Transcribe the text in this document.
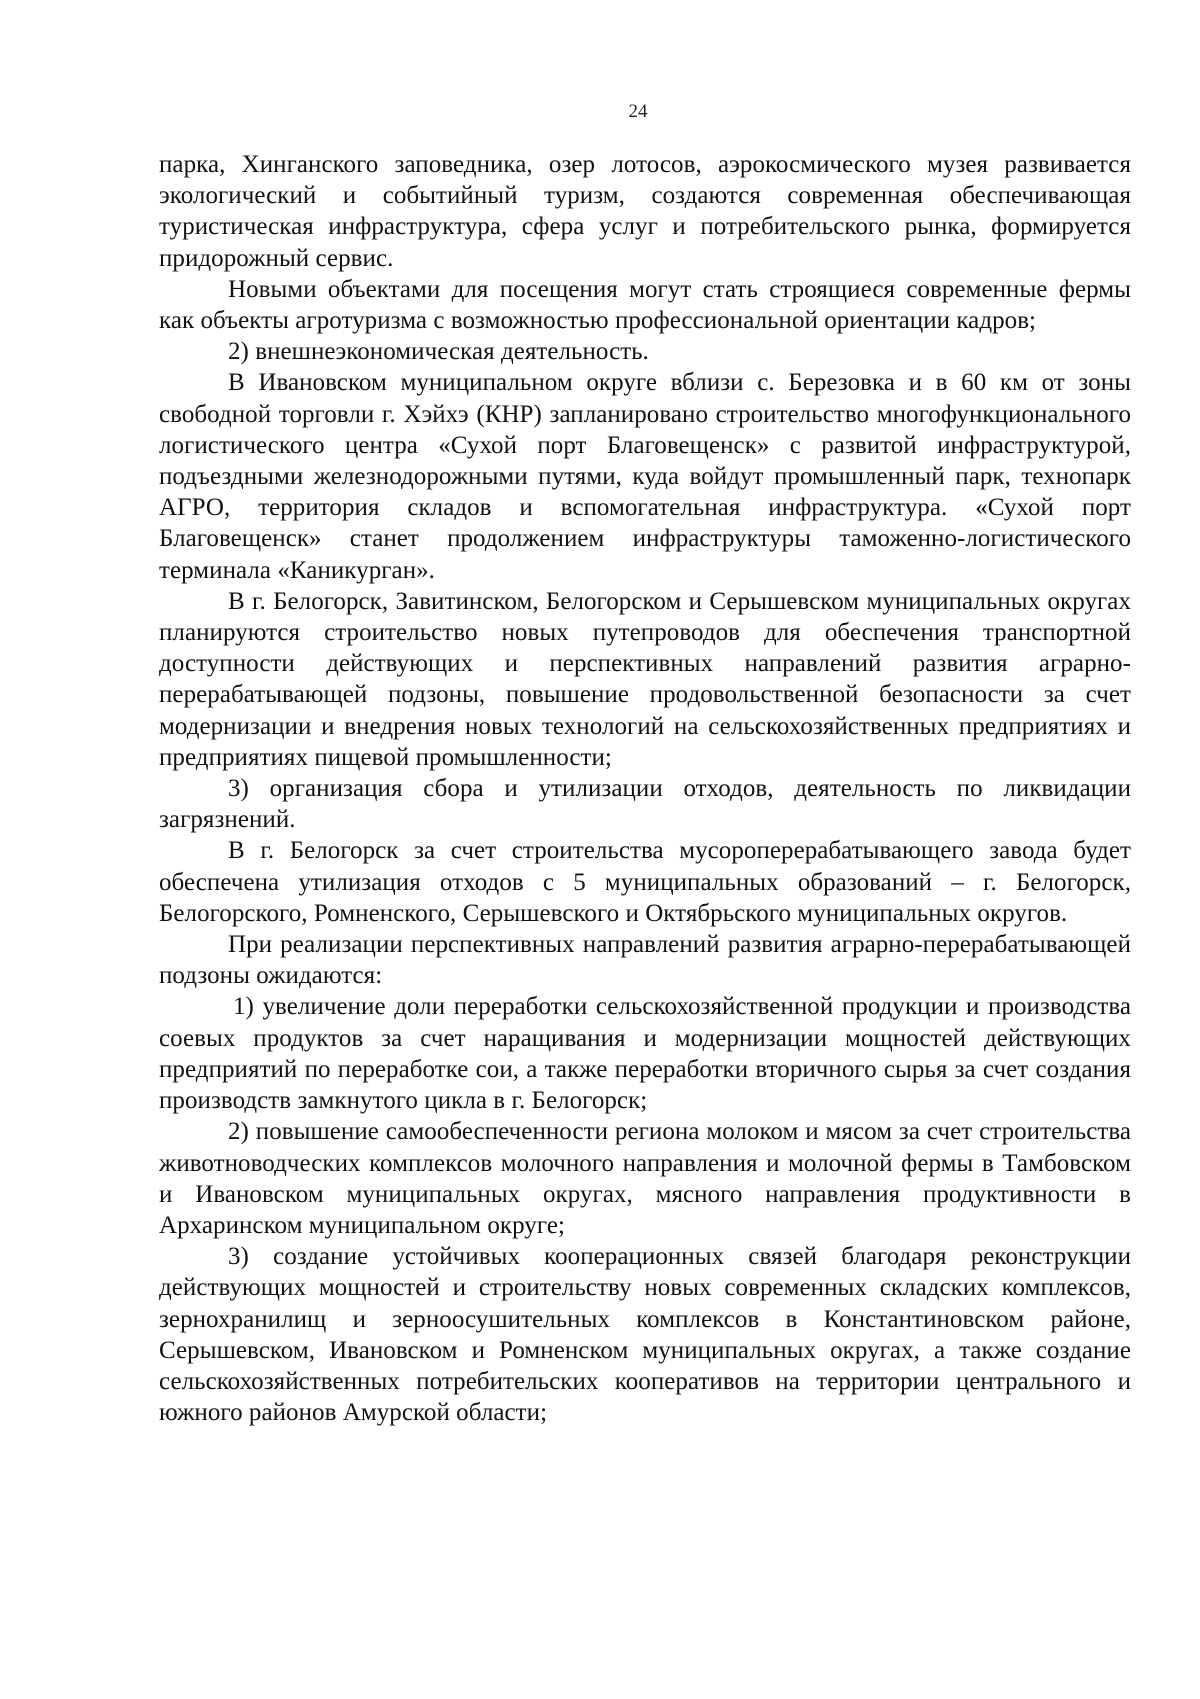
24

парка, Хинганского заповедника, озер лотосов, аэрокосмического музея развивается экологический и событийный туризм, создаются современная обеспечивающая туристическая инфраструктура, сфера услуг и потребительского рынка, формируется придорожный сервис.

Новыми объектами для посещения могут стать строящиеся современные фермы как объекты агротуризма с возможностью профессиональной ориентации кадров;

2) внешнеэкономическая деятельность.

В Ивановском муниципальном округе вблизи с. Березовка и в 60 км от зоны свободной торговли г. Хэйхэ (КНР) запланировано строительство многофункционального логистического центра «Сухой порт Благовещенск» с развитой инфраструктурой, подъездными железнодорожными путями, куда войдут промышленный парк, технопарк АГРО, территория складов и вспомогательная инфраструктура. «Сухой порт Благовещенск» станет продолжением инфраструктуры таможенно-логистического терминала «Каникурган».

В г. Белогорск, Завитинском, Белогорском и Серышевском муниципальных округах планируются строительство новых путепроводов для обеспечения транспортной доступности действующих и перспективных направлений развития аграрно-перерабатывающей подзоны, повышение продовольственной безопасности за счет модернизации и внедрения новых технологий на сельскохозяйственных предприятиях и предприятиях пищевой промышленности;

3) организация сбора и утилизации отходов, деятельность по ликвидации загрязнений.

В г. Белогорск за счет строительства мусороперерабатывающего завода будет обеспечена утилизация отходов с 5 муниципальных образований – г. Белогорск, Белогорского, Ромненского, Серышевского и Октябрьского муниципальных округов.

При реализации перспективных направлений развития аграрно-перерабатывающей подзоны ожидаются:

1) увеличение доли переработки сельскохозяйственной продукции и производства соевых продуктов за счет наращивания и модернизации мощностей действующих предприятий по переработке сои, а также переработки вторичного сырья за счет создания производств замкнутого цикла в г. Белогорск;

2) повышение самообеспеченности региона молоком и мясом за счет строительства животноводческих комплексов молочного направления и молочной фермы в Тамбовском и Ивановском муниципальных округах, мясного направления продуктивности в Архаринском муниципальном округе;

3) создание устойчивых кооперационных связей благодаря реконструкции действующих мощностей и строительству новых современных складских комплексов, зернохранилищ и зерноосушительных комплексов в Константиновском районе, Серышевском, Ивановском и Ромненском муниципальных округах, а также создание сельскохозяйственных потребительских кооперативов на территории центрального и южного районов Амурской области;
